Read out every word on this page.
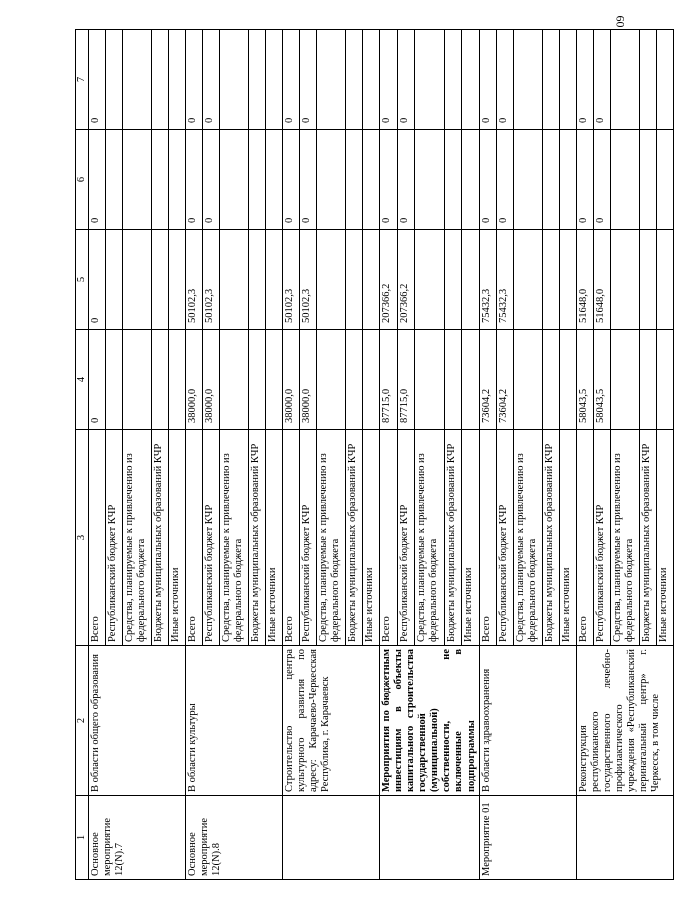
60
1	2	3	4	5	6	7
Основное мероприятие 12(N).7	В области общего образования	Всего	0	0	0	0
		Республиканский бюджет КЧР				
		Средства, планируемые к привлечению из федерального бюджета				
		Бюджеты муниципальных образований КЧР				
		Иные источники				
Основное мероприятие 12(N).8	В области культуры	Всего	38000,0	50102,3	0	0
		Республиканский бюджет КЧР	38000,0	50102,3	0	0
		Средства, планируемые к привлечению из федерального бюджета				
		Бюджеты муниципальных образований КЧР				
		Иные источники				
	Строительство центра культурного развития по адресу: Карачаево-Черкесская Республика, г. Карачаевск	Всего	38000,0	50102,3	0	0
		Республиканский бюджет КЧР	38000,0	50102,3	0	0
		Средства, планируемые к привлечению из федерального бюджета				
		Бюджеты муниципальных образований КЧР				
		Иные источники				
	Мероприятия по бюджетным инвестициям в объекты капитального строительства государственной (муниципальной) собственности, не включенные в подпрограммы	Всего	87715,0	207366,2	0	0
		Республиканский бюджет КЧР	87715,0	207366,2	0	0
		Средства, планируемые к привлечению из федерального бюджета				
		Бюджеты муниципальных образований КЧР				
		Иные источники				
Мероприятие 01	В области здравоохранения	Всего	73604,2	75432,3	0	0
		Республиканский бюджет КЧР	73604,2	75432,3	0	0
		Средства, планируемые к привлечению из федерального бюджета				
		Бюджеты муниципальных образований КЧР				
		Иные источники				
	Реконструкция республиканского государственного лечебно-профилактического учреждения «Республиканский перинатальный центр» г. Черкесск, в том числе	Всего	58043,5	51648,0	0	0
		Республиканский бюджет КЧР	58043,5	51648,0	0	0
		Средства, планируемые к привлечению из федерального бюджета				
		Бюджеты муниципальных образований КЧР				
		Иные источники				
